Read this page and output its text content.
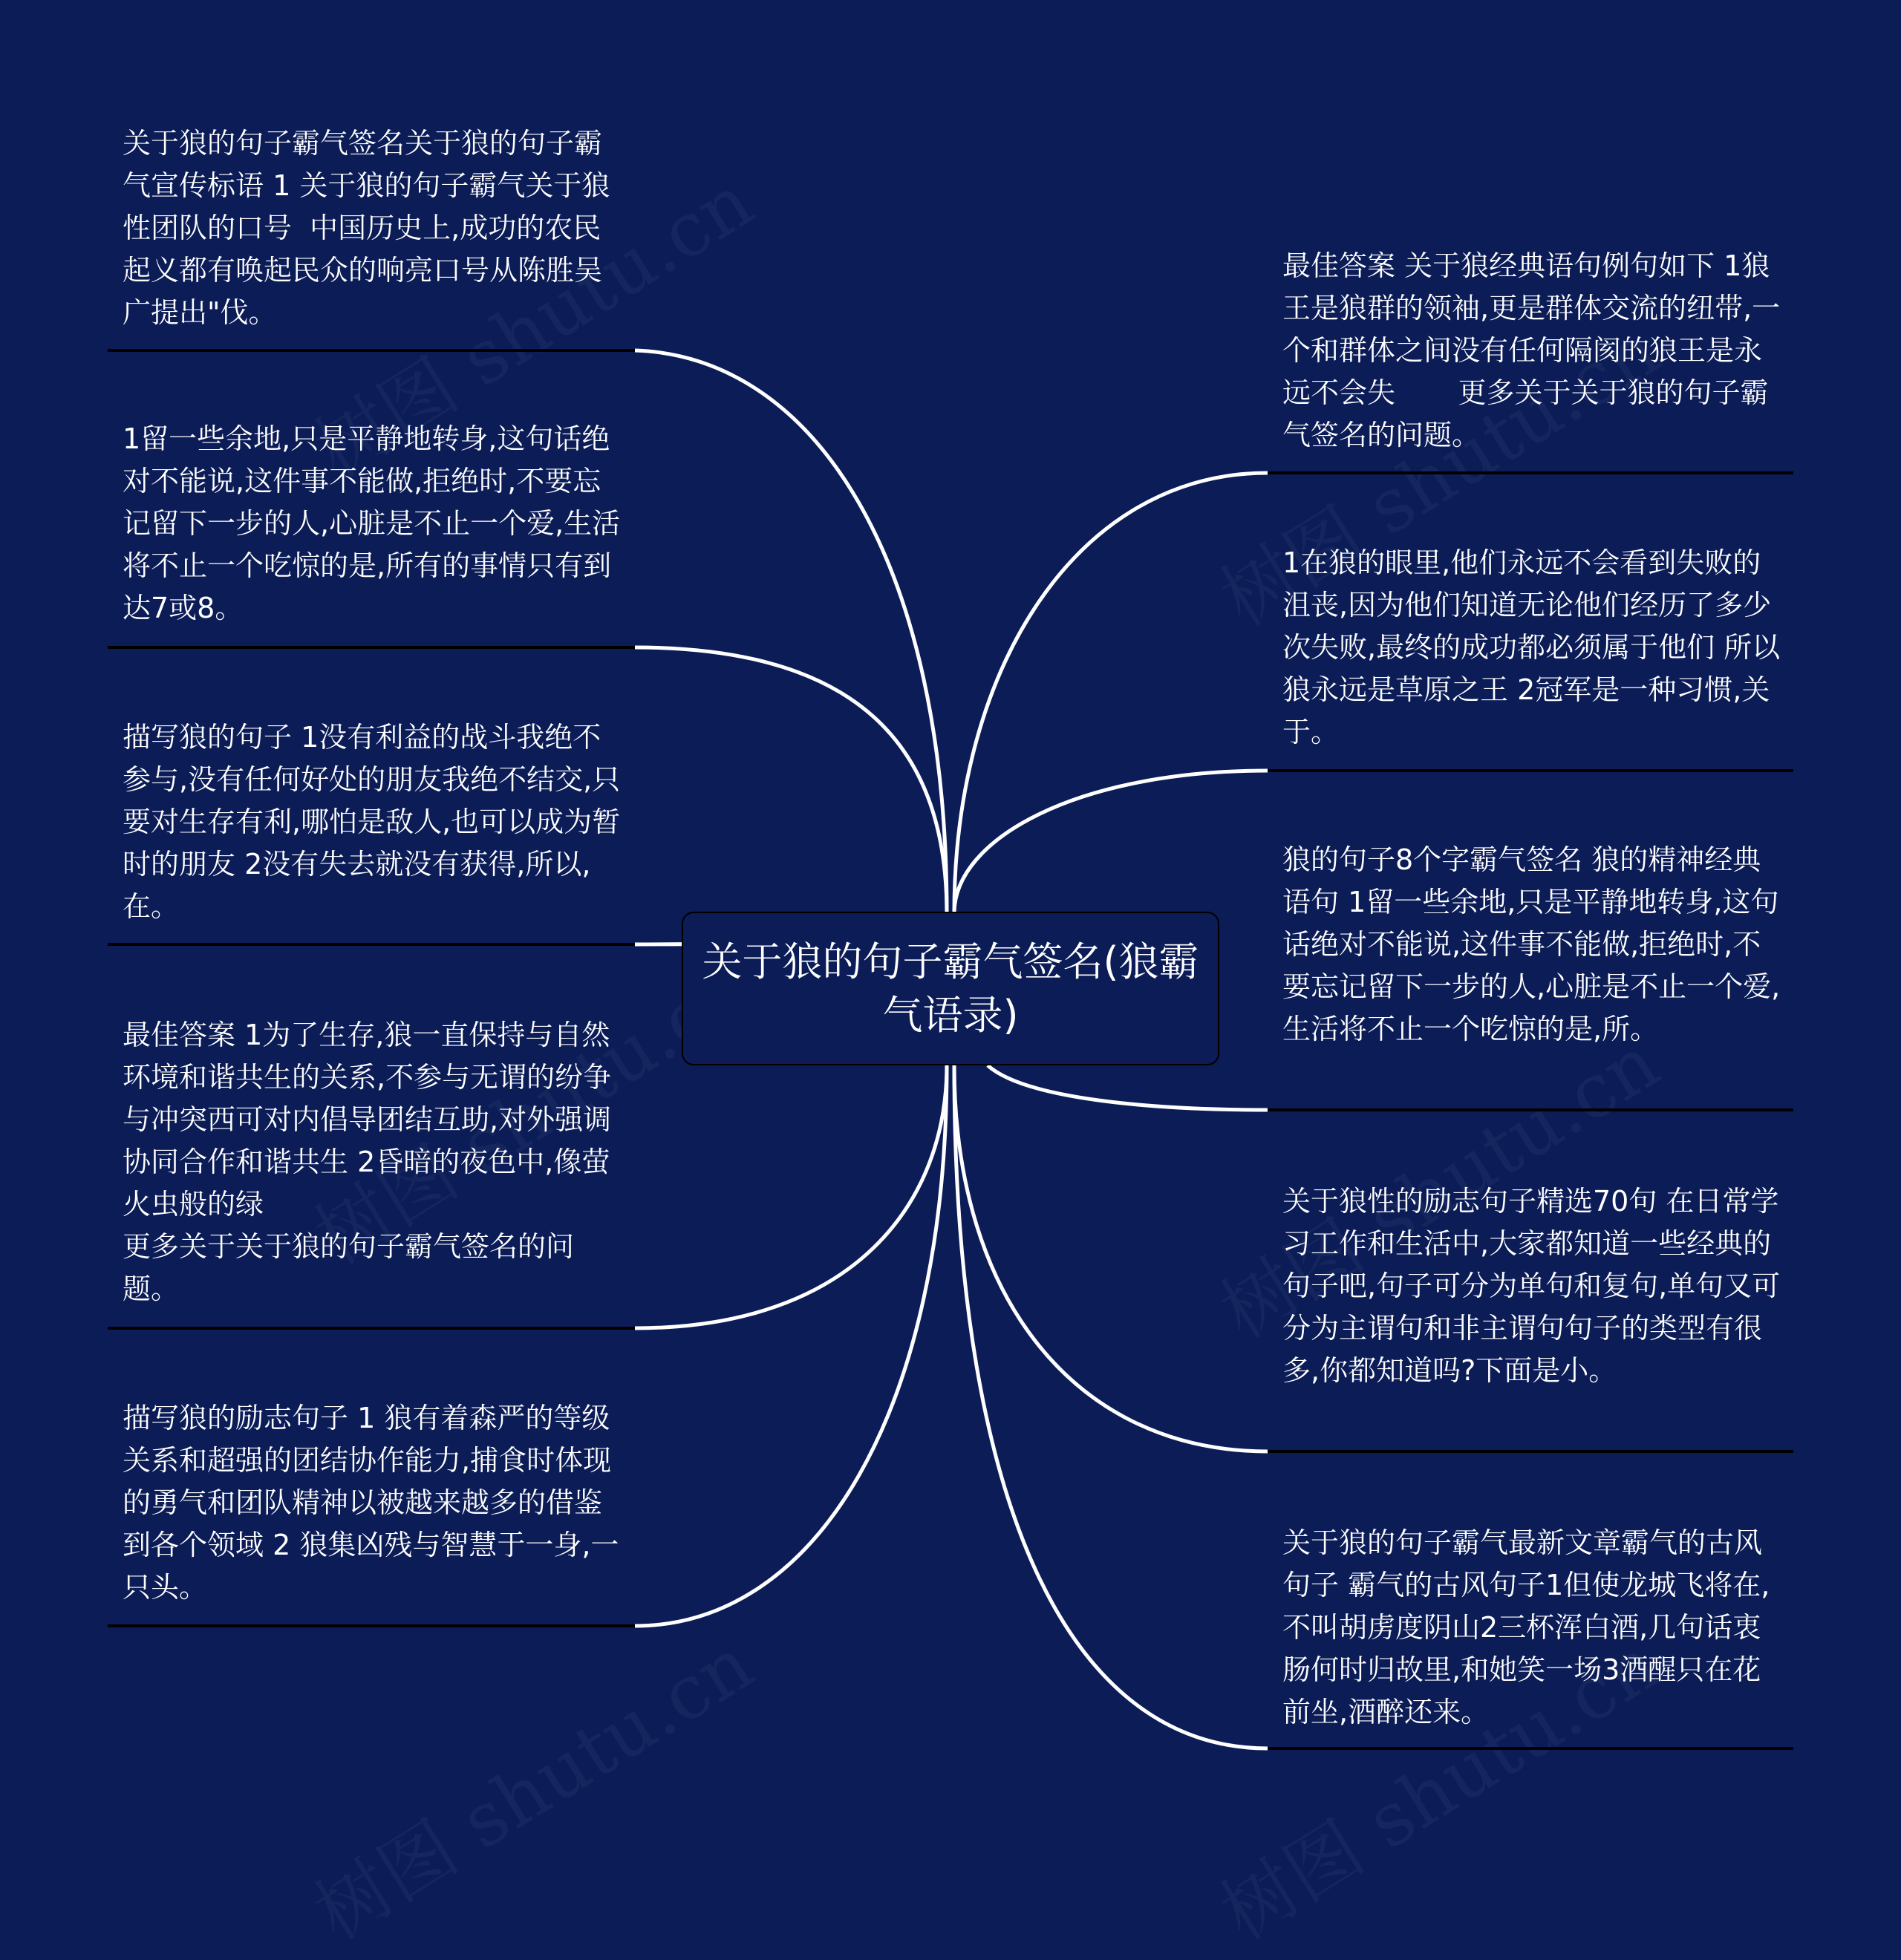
关于狼的句子霸气签名关于狼的句子霸气宣传标语 1 关于狼的句子霸气关于狼性团队的口号  中国历史上,成功的农民起义都有唤起民众的响亮口号从陈胜吴广提出"伐。
1留一些余地,只是平静地转身,这句话绝对不能说,这件事不能做,拒绝时,不要忘记留下一步的人,心脏是不止一个爱,生活将不止一个吃惊的是,所有的事情只有到达7或8。
描写狼的句子 1没有利益的战斗我绝不参与,没有任何好处的朋友我绝不结交,只要对生存有利,哪怕是敌人,也可以成为暂时的朋友 2没有失去就没有获得,所以,在。
最佳答案 1为了生存,狼一直保持与自然环境和谐共生的关系,不参与无谓的纷争与冲突西可对内倡导团结互助,对外强调协同合作和谐共生 2昏暗的夜色中,像萤火虫般的绿
更多关于关于狼的句子霸气签名的问题。
描写狼的励志句子 1 狼有着森严的等级关系和超强的团结协作能力,捕食时体现的勇气和团队精神以被越来越多的借鉴到各个领域 2 狼集凶残与智慧于一身,一只头。
最佳答案 关于狼经典语句例句如下 1狼王是狼群的领袖,更是群体交流的纽带,一个和群体之间没有任何隔阂的狼王是永远不会失       更多关于关于狼的句子霸气签名的问题。
1在狼的眼里,他们永远不会看到失败的沮丧,因为他们知道无论他们经历了多少次失败,最终的成功都必须属于他们 所以狼永远是草原之王 2冠军是一种习惯,关于。
狼的句子8个字霸气签名 狼的精神经典语句 1留一些余地,只是平静地转身,这句话绝对不能说,这件事不能做,拒绝时,不要忘记留下一步的人,心脏是不止一个爱,生活将不止一个吃惊的是,所。
关于狼性的励志句子精选70句 在日常学习工作和生活中,大家都知道一些经典的句子吧,句子可分为单句和复句,单句又可分为主谓句和非主谓句句子的类型有很多,你都知道吗?下面是小。
关于狼的句子霸气最新文章霸气的古风句子 霸气的古风句子1但使龙城飞将在,不叫胡虏度阴山2三杯浑白酒,几句话衷肠何时归故里,和她笑一场3酒醒只在花前坐,酒醉还来。
关于狼的句子霸气签名(狼霸气语录)
